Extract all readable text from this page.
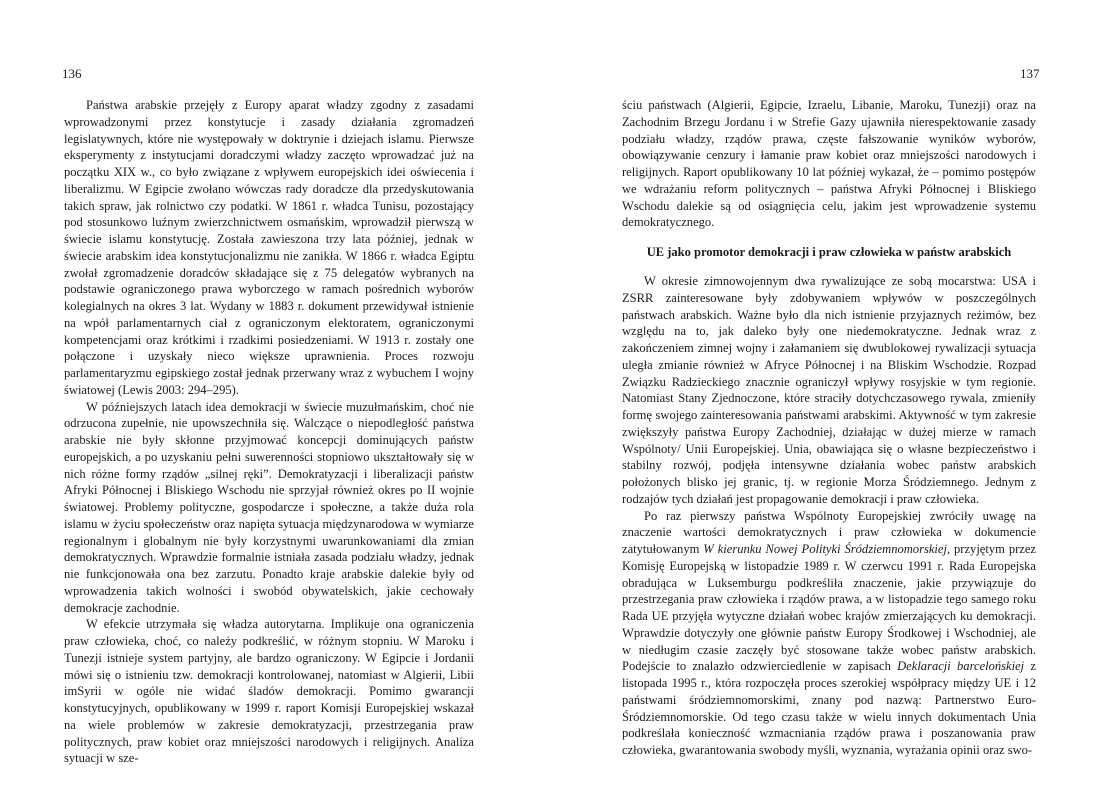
136

Państwa arabskie przejęły z Europy aparat władzy zgodny z zasadami wprowadzonymi przez konstytucje i zasady działania zgromadzeń legislatywnych, które nie występowały w doktrynie i dziejach islamu. Pierwsze eksperymenty z instytucjami doradczymi władzy zaczęto wprowadzać już na początku XIX w., co było związane z wpływem europejskich idei oświecenia i liberalizmu. W Egipcie zwołano wówczas rady doradcze dla przedyskutowania takich spraw, jak rolnictwo czy podatki. W 1861 r. władca Tunisu, pozostający pod stosunkowo luźnym zwierzchnictwem osmańskim, wprowadził pierwszą w świecie islamu konstytucję. Została zawieszona trzy lata później, jednak w świecie arabskim idea konstytucjonalizmu nie zanikła. W 1866 r. władca Egiptu zwołał zgromadzenie doradców składające się z 75 delegatów wybranych na podstawie ograniczonego prawa wyborczego w ramach pośrednich wyborów kolegialnych na okres 3 lat. Wydany w 1883 r. dokument przewidywał istnienie na wpół parlamentarnych ciał z ograniczonym elektoratem, ograniczonymi kompetencjami oraz krótkimi i rzadkimi posiedzeniami. W 1913 r. zostały one połączone i uzyskały nieco większe uprawnienia. Proces rozwoju parlamentaryzmu egipskiego został jednak przerwany wraz z wybuchem I wojny światowej (Lewis 2003: 294–295).

W późniejszych latach idea demokracji w świecie muzułmańskim, choć nie odrzucona zupełnie, nie upowszechniła się. Walczące o niepodległość państwa arabskie nie były skłonne przyjmować koncepcji dominujących państw europejskich, a po uzyskaniu pełni suwerenności stopniowo ukształtowały się w nich różne formy rządów „silnej ręki”. Demokratyzacji i liberalizacji państw Afryki Północnej i Bliskiego Wschodu nie sprzyjał również okres po II wojnie światowej. Problemy polityczne, gospodarcze i społeczne, a także duża rola islamu w życiu społeczeństw oraz napięta sytuacja międzynarodowa w wymiarze regionalnym i globalnym nie były korzystnymi uwarunkowaniami dla zmian demokratycznych. Wprawdzie formalnie istniała zasada podziału władzy, jednak nie funkcjonowała ona bez zarzutu. Ponadto kraje arabskie dalekie były od wprowadzenia takich wolności i swobód obywatelskich, jakie cechowały demokracje zachodnie.

W efekcie utrzymała się władza autorytarna. Implikuje ona ograniczenia praw człowieka, choć, co należy podkreślić, w różnym stopniu. W Maroku i Tunezji istnieje system partyjny, ale bardzo ograniczony. W Egipcie i Jordanii mówi się o istnieniu tzw. demokracji kontrolowanej, natomiast w Algierii, Libii imSyrii w ogóle nie widać śladów demokracji. Pomimo gwarancji konstytucyjnych, opublikowany w 1999 r. raport Komisji Europejskiej wskazał na wiele problemów w zakresie demokratyzacji, przestrzegania praw politycznych, praw kobiet oraz mniejszości narodowych i religijnych. Analiza sytuacji w sze-

137

ściu państwach (Algierii, Egipcie, Izraelu, Libanie, Maroku, Tunezji) oraz na Zachodnim Brzegu Jordanu i w Strefie Gazy ujawniła nierespektowanie zasady podziału władzy, rządów prawa, częste fałszowanie wyników wyborów, obowiązywanie cenzury i łamanie praw kobiet oraz mniejszości narodowych i religijnych. Raport opublikowany 10 lat później wykazał, że – pomimo postępów we wdrażaniu reform politycznych – państwa Afryki Północnej i Bliskiego Wschodu dalekie są od osiągnięcia celu, jakim jest wprowadzenie systemu demokratycznego.

UE jako promotor demokracji i praw człowieka w państw arabskich

W okresie zimnowojennym dwa rywalizujące ze sobą mocarstwa: USA i ZSRR zainteresowane były zdobywaniem wpływów w poszczególnych państwach arabskich. Ważne było dla nich istnienie przyjaznych reżimów, bez względu na to, jak daleko były one niedemokratyczne. Jednak wraz z zakończeniem zimnej wojny i załamaniem się dwublokowej rywalizacji sytuacja uległa zmianie również w Afryce Północnej i na Bliskim Wschodzie. Rozpad Związku Radzieckiego znacznie ograniczył wpływy rosyjskie w tym regionie. Natomiast Stany Zjednoczone, które straciły dotychczasowego rywala, zmieniły formę swojego zainteresowania państwami arabskimi. Aktywność w tym zakresie zwiększyły państwa Europy Zachodniej, działając w dużej mierze w ramach Wspólnoty/ Unii Europejskiej. Unia, obawiająca się o własne bezpieczeństwo i stabilny rozwój, podjęła intensywne działania wobec państw arabskich położonych blisko jej granic, tj. w regionie Morza Śródziemnego. Jednym z rodzajów tych działań jest propagowanie demokracji i praw człowieka.

Po raz pierwszy państwa Wspólnoty Europejskiej zwróciły uwagę na znaczenie wartości demokratycznych i praw człowieka w dokumencie zatytułowanym W kierunku Nowej Polityki Śródziemnomorskiej, przyjętym przez Komisję Europejską w listopadzie 1989 r. W czerwcu 1991 r. Rada Europejska obradująca w Luksemburgu podkreśliła znaczenie, jakie przywiązuje do przestrzegania praw człowieka i rządów prawa, a w listopadzie tego samego roku Rada UE przyjęła wytyczne działań wobec krajów zmierzających ku demokracji. Wprawdzie dotyczyły one głównie państw Europy Środkowej i Wschodniej, ale w niedługim czasie zaczęły być stosowane także wobec państw arabskich. Podejście to znalazło odzwierciedlenie w zapisach Deklaracji barcelońskiej z listopada 1995 r., która rozpoczęła proces szerokiej współpracy między UE i 12 państwami śródziemnomorskimi, znany pod nazwą: Partnerstwo Euro-Śródziemnomorskie. Od tego czasu także w wielu innych dokumentach Unia podkreślała konieczność wzmacniania rządów prawa i poszanowania praw człowieka, gwarantowania swobody myśli, wyznania, wyrażania opinii oraz swo-
